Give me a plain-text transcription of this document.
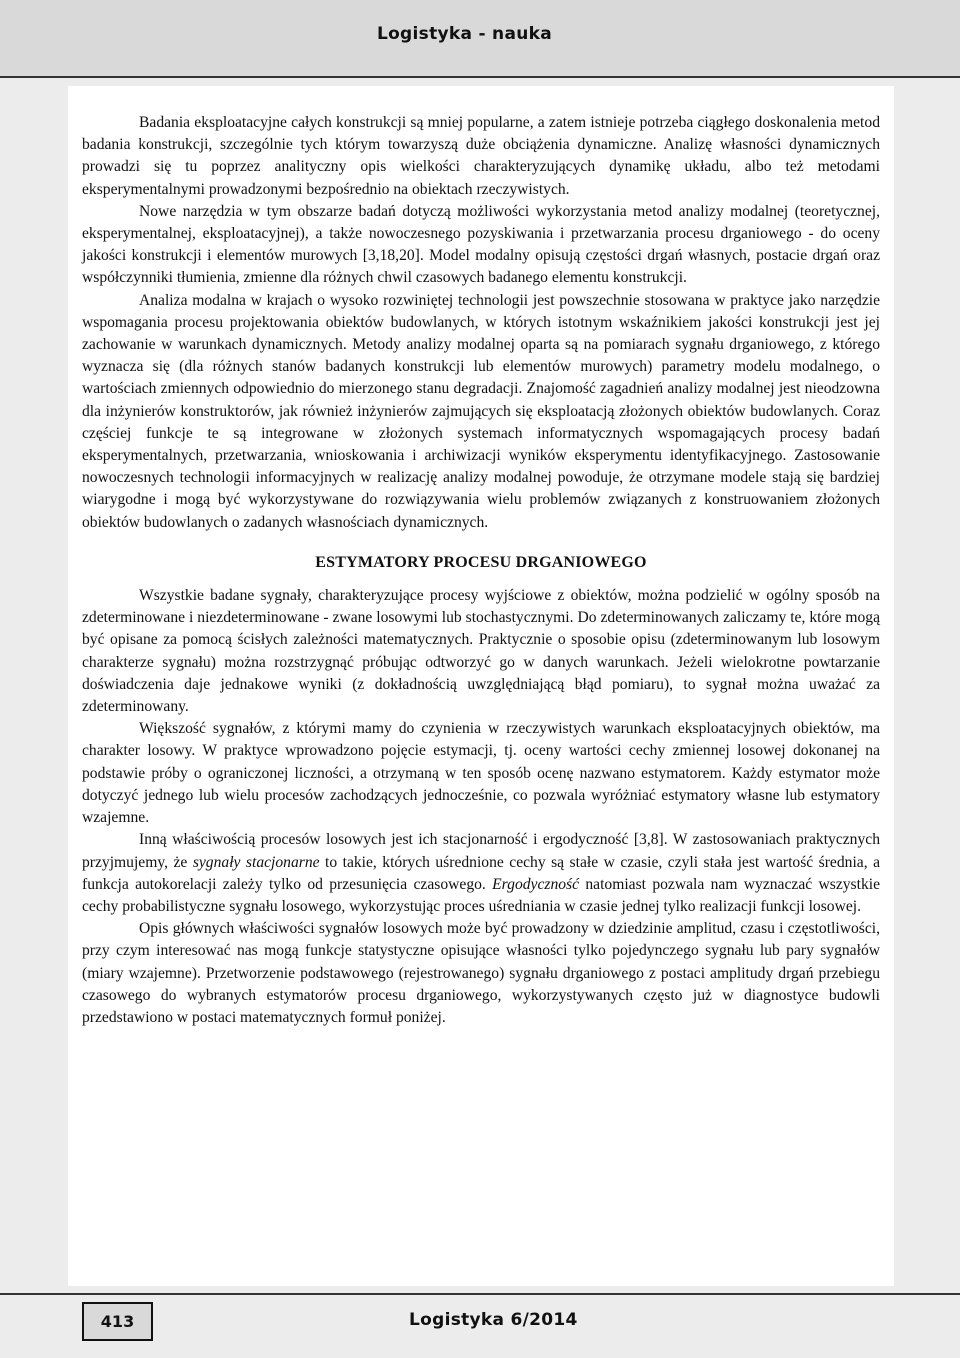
Logistyka - nauka

Badania eksploatacyjne całych konstrukcji są mniej popularne, a zatem istnieje potrzeba ciągłego doskonalenia metod badania konstrukcji, szczególnie tych którym towarzyszą duże obciążenia dynamiczne. Analizę własności dynamicznych prowadzi się tu poprzez analityczny opis wielkości charakteryzujących dynamikę układu, albo też metodami eksperymentalnymi prowadzonymi bezpośrednio na obiektach rzeczywistych.

Nowe narzędzia w tym obszarze badań dotyczą możliwości wykorzystania metod analizy modalnej (teoretycznej, eksperymentalnej, eksploatacyjnej), a także nowoczesnego pozyskiwania i przetwarzania procesu drganiowego - do oceny jakości konstrukcji i elementów murowych [3,18,20]. Model modalny opisują częstości drgań własnych, postacie drgań oraz współczynniki tłumienia, zmienne dla różnych chwil czasowych badanego elementu konstrukcji.

Analiza modalna w krajach o wysoko rozwiniętej technologii jest powszechnie stosowana w praktyce jako narzędzie wspomagania procesu projektowania obiektów budowlanych, w których istotnym wskaźnikiem jakości konstrukcji jest jej zachowanie w warunkach dynamicznych. Metody analizy modalnej oparta są na pomiarach sygnału drganiowego, z którego wyznacza się (dla różnych stanów badanych konstrukcji lub elementów murowych) parametry modelu modalnego, o wartościach zmiennych odpowiednio do mierzonego stanu degradacji. Znajomość zagadnień analizy modalnej jest nieodzowna dla inżynierów konstruktorów, jak również inżynierów zajmujących się eksploatacją złożonych obiektów budowlanych. Coraz częściej funkcje te są integrowane w złożonych systemach informatycznych wspomagających procesy badań eksperymentalnych, przetwarzania, wnioskowania i archiwizacji wyników eksperymentu identyfikacyjnego. Zastosowanie nowoczesnych technologii informacyjnych w realizację analizy modalnej powoduje, że otrzymane modele stają się bardziej wiarygodne i mogą być wykorzystywane do rozwiązywania wielu problemów związanych z konstruowaniem złożonych obiektów budowlanych o zadanych własnościach dynamicznych.

ESTYMATORY PROCESU DRGANIOWEGO

Wszystkie badane sygnały, charakteryzujące procesy wyjściowe z obiektów, można podzielić w ogólny sposób na zdeterminowane i niezdeterminowane - zwane losowymi lub stochastycznymi. Do zdeterminowanych zaliczamy te, które mogą być opisane za pomocą ścisłych zależności matematycznych. Praktycznie o sposobie opisu (zdeterminowanym lub losowym charakterze sygnału) można rozstrzygnąć próbując odtworzyć go w danych warunkach. Jeżeli wielokrotne powtarzanie doświadczenia daje jednakowe wyniki (z dokładnością uwzględniającą błąd pomiaru), to sygnał można uważać za zdeterminowany.

Większość sygnałów, z którymi mamy do czynienia w rzeczywistych warunkach eksploatacyjnych obiektów, ma charakter losowy. W praktyce wprowadzono pojęcie estymacji, tj. oceny wartości cechy zmiennej losowej dokonanej na podstawie próby o ograniczonej liczności, a otrzymaną w ten sposób ocenę nazwano estymatorem. Każdy estymator może dotyczyć jednego lub wielu procesów zachodzących jednocześnie, co pozwala wyróżniać estymatory własne lub estymatory wzajemne.

Inną właściwością procesów losowych jest ich stacjonarność i ergodyczność [3,8]. W zastosowaniach praktycznych przyjmujemy, że sygnały stacjonarne to takie, których uśrednione cechy są stałe w czasie, czyli stała jest wartość średnia, a funkcja autokorelacji zależy tylko od przesunięcia czasowego. Ergodyczność natomiast pozwala nam wyznaczać wszystkie cechy probabilistyczne sygnału losowego, wykorzystując proces uśredniania w czasie jednej tylko realizacji funkcji losowej.

Opis głównych właściwości sygnałów losowych może być prowadzony w dziedzinie amplitud, czasu i częstotliwości, przy czym interesować nas mogą funkcje statystyczne opisujące własności tylko pojedynczego sygnału lub pary sygnałów (miary wzajemne). Przetworzenie podstawowego (rejestrowanego) sygnału drganiowego z postaci amplitudy drgań przebiegu czasowego do wybranych estymatorów procesu drganiowego, wykorzystywanych często już w diagnostyce budowli przedstawiono w postaci matematycznych formuł poniżej.

413	Logistyka 6/2014
